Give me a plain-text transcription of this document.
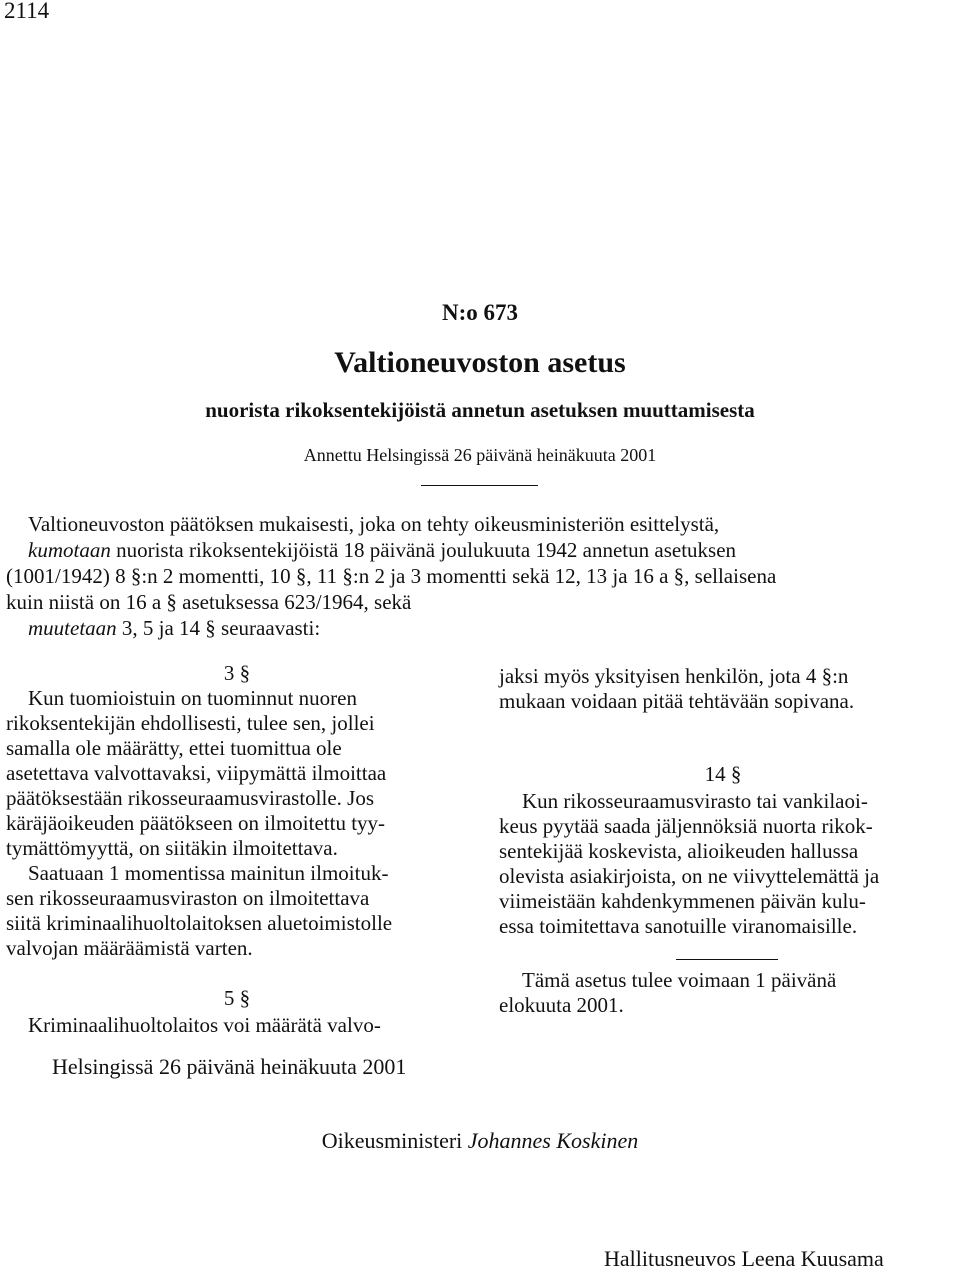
2114
N:o 673
Valtioneuvoston asetus
nuorista rikoksentekijöistä annetun asetuksen muuttamisesta
Annettu Helsingissä 26 päivänä heinäkuuta 2001
Valtioneuvoston päätöksen mukaisesti, joka on tehty oikeusministeriön esittelystä,
kumotaan nuorista rikoksentekijöistä 18 päivänä joulukuuta 1942 annetun asetuksen
(1001/1942) 8 §:n 2 momentti, 10 §, 11 §:n 2 ja 3 momentti sekä 12, 13 ja 16 a §, sellaisena
kuin niistä on 16 a § asetuksessa 623/1964, sekä
muutetaan 3, 5 ja 14 § seuraavasti:
3 §
Kun tuomioistuin on tuominnut nuoren
rikoksentekijän ehdollisesti, tulee sen, jollei
samalla ole määrätty, ettei tuomittua ole
asetettava valvottavaksi, viipymättä ilmoittaa
päätöksestään rikosseuraamusvirastolle. Jos
käräjäoikeuden päätökseen on ilmoitettu tyy-
tymättömyyttä, on siitäkin ilmoitettava.
Saatuaan 1 momentissa mainitun ilmoituk-
sen rikosseuraamusviraston on ilmoitettava
siitä kriminaalihuoltolaitoksen aluetoimistolle
valvojan määräämistä varten.
5 §
Kriminaalihuoltolaitos voi määrätä valvo-
jaksi myös yksityisen henkilön, jota 4 §:n
mukaan voidaan pitää tehtävään sopivana.
14 §
Kun rikosseuraamusvirasto tai vankilaoi-
keus pyytää saada jäljennöksiä nuorta rikok-
sentekijää koskevista, alioikeuden hallussa
olevista asiakirjoista, on ne viivyttelemättä ja
viimeistään kahdenkymmenen päivän kulu-
essa toimitettava sanotuille viranomaisille.
Tämä asetus tulee voimaan 1 päivänä
elokuuta 2001.
Helsingissä 26 päivänä heinäkuuta 2001
Oikeusministeri Johannes Koskinen
Hallitusneuvos Leena Kuusama
